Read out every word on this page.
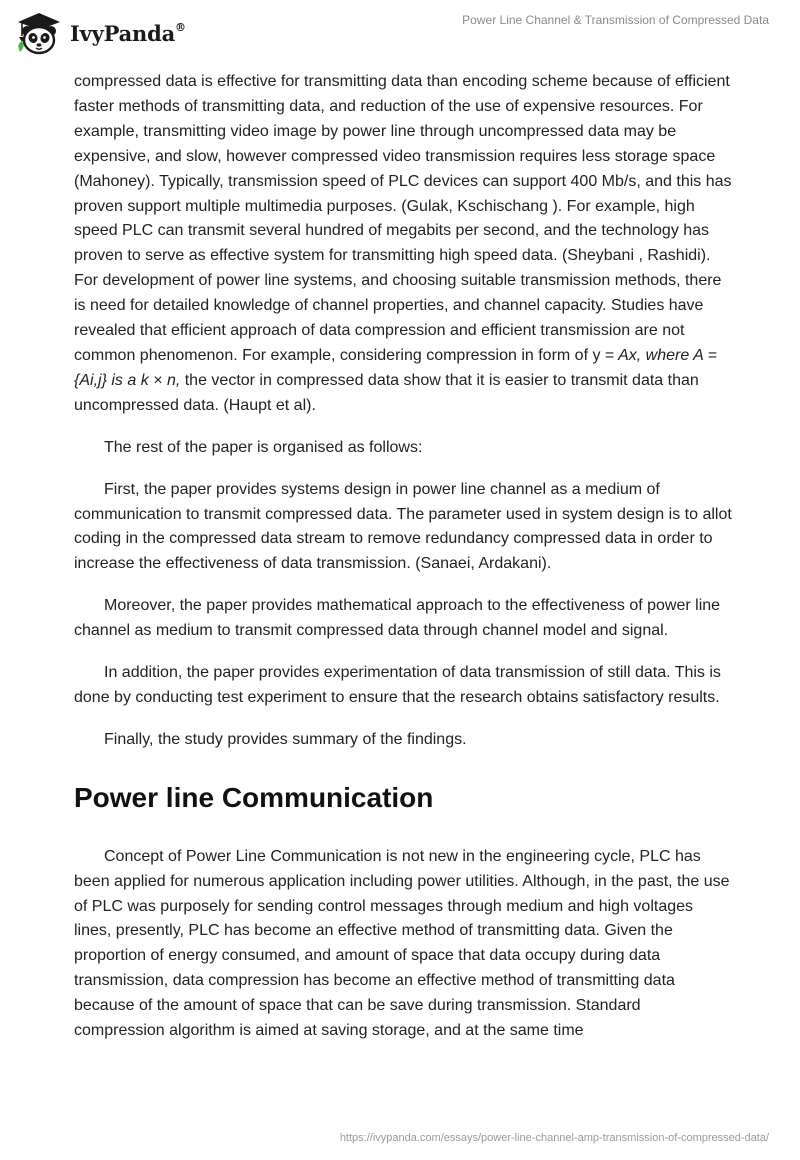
IvyPanda®	Power Line Channel & Transmission of Compressed Data

compressed data is effective for transmitting data than encoding scheme because of efficient faster methods of transmitting data, and reduction of the use of expensive resources. For example, transmitting video image by power line through uncompressed data may be expensive, and slow, however compressed video transmission requires less storage space (Mahoney). Typically, transmission speed of PLC devices can support 400 Mb/s, and this has proven support multiple multimedia purposes. (Gulak, Kschischang ). For example, high speed PLC can transmit several hundred of megabits per second, and the technology has proven to serve as effective system for transmitting high speed data. (Sheybani , Rashidi). For development of power line systems, and choosing suitable transmission methods, there is need for detailed knowledge of channel properties, and channel capacity. Studies have revealed that efficient approach of data compression and efficient transmission are not common phenomenon. For example, considering compression in form of y = Ax, where A = {Ai,j} is a k × n, the vector in compressed data show that it is easier to transmit data than uncompressed data. (Haupt et al).

The rest of the paper is organised as follows:

First, the paper provides systems design in power line channel as a medium of communication to transmit compressed data. The parameter used in system design is to allot coding in the compressed data stream to remove redundancy compressed data in order to increase the effectiveness of data transmission. (Sanaei, Ardakani).

Moreover, the paper provides mathematical approach to the effectiveness of power line channel as medium to transmit compressed data through channel model and signal.

In addition, the paper provides experimentation of data transmission of still data. This is done by conducting test experiment to ensure that the research obtains satisfactory results.

Finally, the study provides summary of the findings.

Power line Communication

Concept of Power Line Communication is not new in the engineering cycle, PLC has been applied for numerous application including power utilities. Although, in the past, the use of PLC was purposely for sending control messages through medium and high voltages lines, presently, PLC has become an effective method of transmitting data. Given the proportion of energy consumed, and amount of space that data occupy during data transmission, data compression has become an effective method of transmitting data because of the amount of space that can be save during transmission. Standard compression algorithm is aimed at saving storage, and at the same time

https://ivypanda.com/essays/power-line-channel-amp-transmission-of-compressed-data/
